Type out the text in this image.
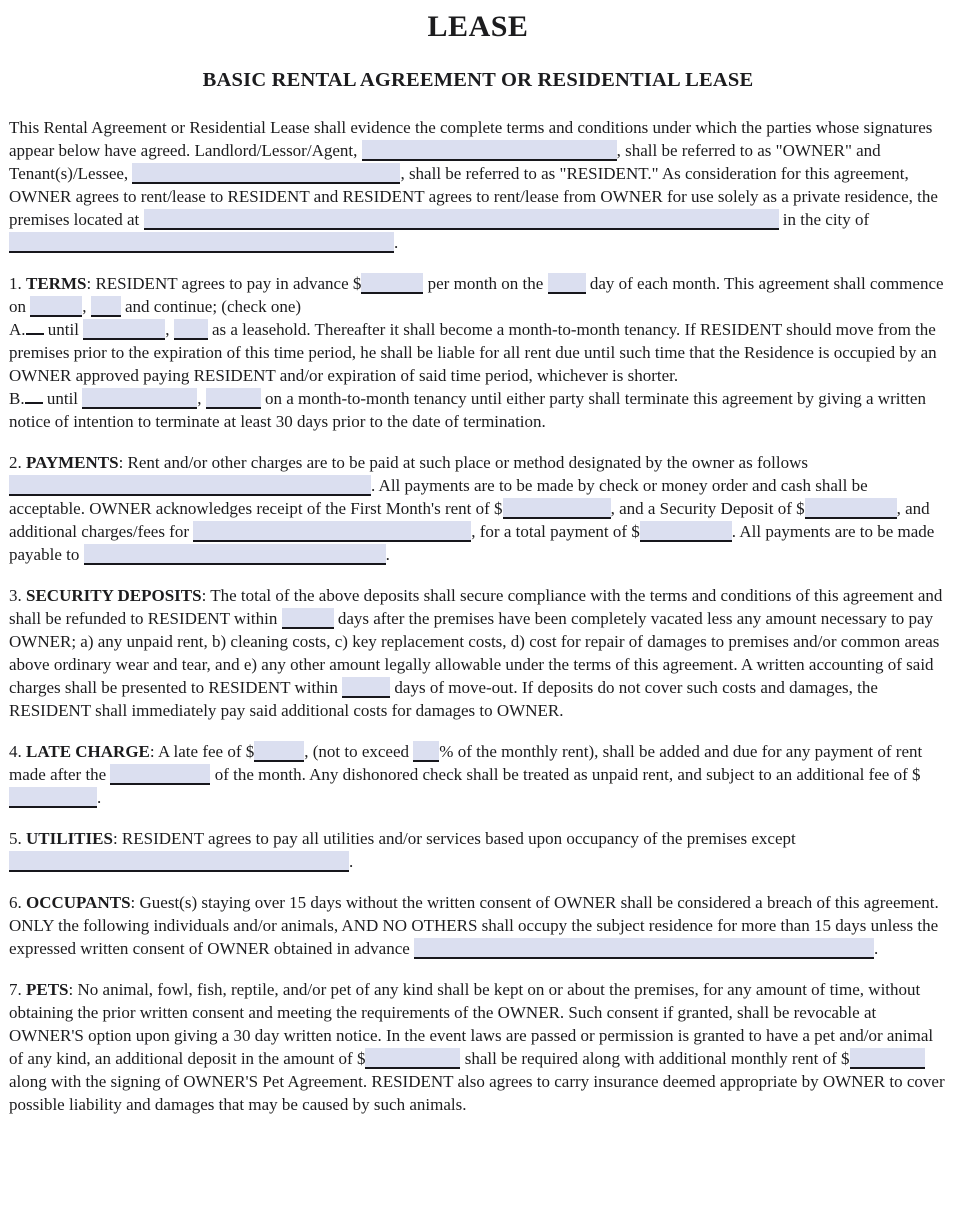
LEASE
BASIC RENTAL AGREEMENT OR RESIDENTIAL LEASE
This Rental Agreement or Residential Lease shall evidence the complete terms and conditions under which the parties whose signatures appear below have agreed. Landlord/Lessor/Agent,	, shall be referred to as "OWNER" and Tenant(s)/Lessee,	, shall be referred to as "RESIDENT." As consideration for this agreement, OWNER agrees to rent/lease to RESIDENT and RESIDENT agrees to rent/lease from OWNER for use solely as a private residence, the premises located at	in the city of .
1. TERMS: RESIDENT agrees to pay in advance $	per month on the  day of each month. This agreement shall commence on	,  and continue; (check one)
A. until	,  as a leasehold. Thereafter it shall become a month-to-month tenancy. If RESIDENT should move from the premises prior to the expiration of this time period, he shall be liable for all rent due until such time that the Residence is occupied by an OWNER approved paying RESIDENT and/or expiration of said time period, whichever is shorter.
B. until	,	on a month-to-month tenancy until either party shall terminate this agreement by giving a written notice of intention to terminate at least 30 days prior to the date of termination.
2. PAYMENTS: Rent and/or other charges are to be paid at such place or method designated by the owner as follows . All payments are to be made by check or money order and cash shall be acceptable. OWNER acknowledges receipt of the First Month's rent of $	, and a Security Deposit of $	, and additional charges/fees for	, for a total payment of $	. All payments are to be made payable to	.
3. SECURITY DEPOSITS: The total of the above deposits shall secure compliance with the terms and conditions of this agreement and shall be refunded to RESIDENT within	days after the premises have been completely vacated less any amount necessary to pay OWNER; a) any unpaid rent, b) cleaning costs, c) key replacement costs, d) cost for repair of damages to premises and/or common areas above ordinary wear and tear, and e) any other amount legally allowable under the terms of this agreement. A written accounting of said charges shall be presented to RESIDENT within	days of move-out. If deposits do not cover such costs and damages, the RESIDENT shall immediately pay said additional costs for damages to OWNER.
4. LATE CHARGE: A late fee of $	, (not to exceed % of the monthly rent), shall be added and due for any payment of rent made after the	of the month. Any dishonored check shall be treated as unpaid rent, and subject to an additional fee of $.
5. UTILITIES: RESIDENT agrees to pay all utilities and/or services based upon occupancy of the premises except .
6. OCCUPANTS: Guest(s) staying over 15 days without the written consent of OWNER shall be considered a breach of this agreement. ONLY the following individuals and/or animals, AND NO OTHERS shall occupy the subject residence for more than 15 days unless the expressed written consent of OWNER obtained in advance	.
7. PETS: No animal, fowl, fish, reptile, and/or pet of any kind shall be kept on or about the premises, for any amount of time, without obtaining the prior written consent and meeting the requirements of the OWNER. Such consent if granted, shall be revocable at OWNER'S option upon giving a 30 day written notice. In the event laws are passed or permission is granted to have a pet and/or animal of any kind, an additional deposit in the amount of $	shall be required along with additional monthly rent of $ along with the signing of OWNER'S Pet Agreement. RESIDENT also agrees to carry insurance deemed appropriate by OWNER to cover possible liability and damages that may be caused by such animals.
